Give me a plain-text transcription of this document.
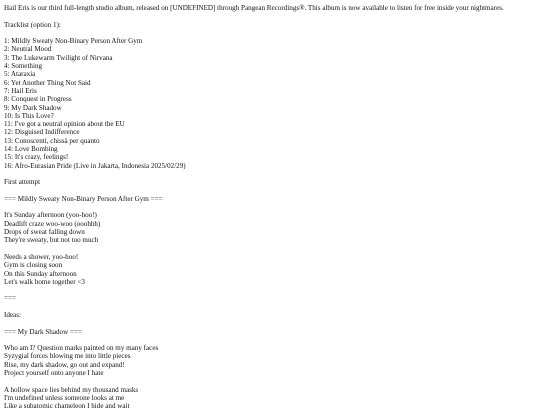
Hail Eris is our third full-length studio album, released on [UNDEFINED] through Pangean Recordings®. This album is now available to listen for free inside your nightmares.
Tracklist (option 1):
1: Mildly Sweaty Non-Binary Person After Gym
2: Neutral Mood
3: The Lukewarm Twilight of Nirvana
4: Something
5: Ataraxia
6: Yet Another Thing Not Said
7: Hail Eris
8: Conquest in Progress
9: My Dark Shadow
10: Is This Love?
11: I've got a neutral opinion about the EU
12: Disguised Indifference
13: Conoscenti, chissà per quanto
14: Love Bombing
15: It's crazy, feelings!
16: Afro-Eurasian Pride (Live in Jakarta, Indonesia 2025/02/29)
First attempt
=== Mildly Sweaty Non-Binary Person After Gym ===
It's Sunday afternoon (yoo-hoo!)
Deadlift craze woo-woo (ooohhh)
Drops of sweat falling down
They're sweaty, but not too much
Needs a shower, yoo-hoo!
Gym is closing soon
On this Sunday afternoon
Let's walk home together <3
===
Ideas:
=== My Dark Shadow ===
Who am I? Question marks painted on my many faces
Syzygial forces blowing me into little pieces
Rise, my dark shadow, go out and expand!
Project yourself onto anyone I hate
A hollow space lies behind my thousand masks
I'm undefined unless someone looks at me
Like a subatomic chameleon I hide and wait
